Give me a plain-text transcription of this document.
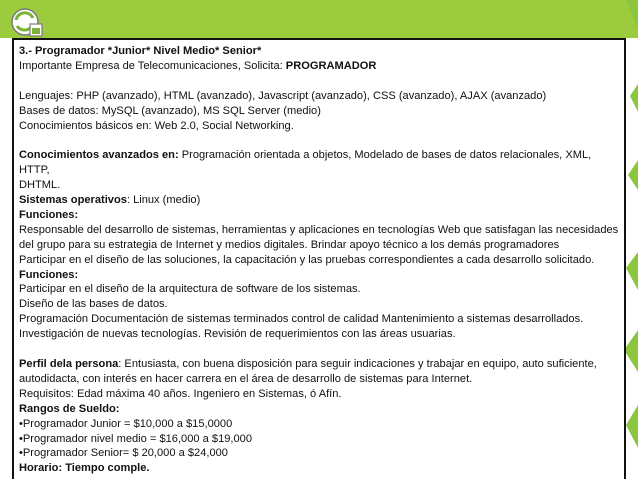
3.- Programador *Junior* Nivel Medio* Senior*

Importante Empresa de Telecomunicaciones, Solicita: PROGRAMADOR

Lenguajes: PHP (avanzado), HTML (avanzado), Javascript (avanzado), CSS (avanzado), AJAX (avanzado)

Bases de datos: MySQL (avanzado), MS SQL Server (medio)

Conocimientos básicos en: Web 2.0, Social Networking.

Conocimientos avanzados en: Programación orientada a objetos, Modelado de bases de datos relacionales, XML, HTTP,

DHTML.

Sistemas operativos: Linux (medio)

Funciones:

Responsable del desarrollo de sistemas, herramientas y aplicaciones en tecnologías Web que satisfagan las necesidades

del grupo para su estrategia de Internet y medios digitales. Brindar apoyo técnico a los demás programadores

Participar en el diseño de las soluciones, la capacitación y las pruebas correspondientes a cada desarrollo solicitado.

Funciones:

Participar en el diseño de la arquitectura de software de los sistemas.

Diseño de las bases de datos.

Programación Documentación de sistemas terminados control de calidad Mantenimiento a sistemas desarrollados.

Investigación de nuevas tecnologías. Revisión de requerimientos con las áreas usuarias.

Perfil dela persona: Entusiasta, con buena disposición para seguir indicaciones y trabajar en equipo, auto suficiente,

autodidacta, con interés en hacer carrera en el área de desarrollo de sistemas para Internet.

Requisitos: Edad máxima 40 años. Ingeniero en Sistemas, ó Afín.

Rangos de Sueldo:

•Programador Junior = $10,000 a $15,0000

•Programador nivel medio = $16,000 a $19,000

•Programador Senior= $ 20,000 a $24,000

Horario: Tiempo comple.
